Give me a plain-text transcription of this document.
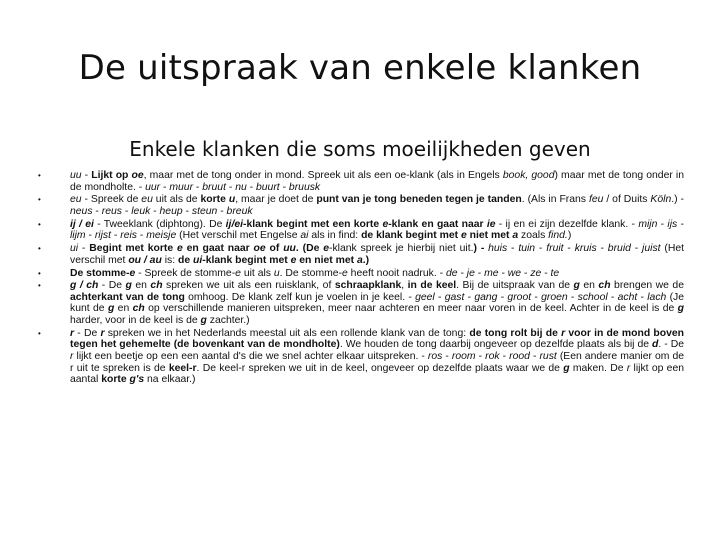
De uitspraak van enkele klanken
Enkele klanken die soms moeilijkheden geven
•	uu - Lijkt op oe, maar met de tong onder in mond. Spreek uit als een oe-klank (als in Engels book, good) maar met de tong onder in de mondholte. - uur - muur - bruut - nu - buurt - bruusk
•	eu - Spreek de eu uit als de korte u, maar je doet de punt van je tong beneden tegen je tanden. (Als in Frans feu / of Duits Köln.) - neus - reus - leuk - heup - steun - breuk
•	ij / ei - Tweeklank (diphtong). De ij/ei-klank begint met een korte e-klank en gaat naar ie - ij en ei zijn dezelfde klank. - mijn - ijs - lijm - rijst - reis - meisje (Het verschil met Engelse ai als in find: de klank begint met e niet met a zoals find.)
•	ui - Begint met korte e en gaat naar oe of uu. (De e-klank spreek je hierbij niet uit.) - huis - tuin - fruit - kruis - bruid - juist (Het verschil met ou / au is: de ui-klank begint met e en niet met a.)
•	De stomme-e - Spreek de stomme-e uit als u. De stomme-e heeft nooit nadruk. - de - je - me - we - ze - te
•	g / ch - De g en ch spreken we uit als een ruisklank, of schraapklank, in de keel. Bij de uitspraak van de g en ch brengen we de achterkant van de tong omhoog. De klank zelf kun je voelen in je keel. - geel - gast - gang - groot - groen - school - acht - lach (Je kunt de g en ch op verschillende manieren uitspreken, meer naar achteren en meer naar voren in de keel. Achter in de keel is de g harder, voor in de keel is de g zachter.)
•	r - De r spreken we in het Nederlands meestal uit als een rollende klank van de tong: de tong rolt bij de r voor in de mond boven tegen het gehemelte (de bovenkant van de mondholte). We houden de tong daarbij ongeveer op dezelfde plaats als bij de d. - De r lijkt een beetje op een een aantal d's die we snel achter elkaar uitspreken. - ros - room - rok - rood - rust (Een andere manier om de r uit te spreken is de keel-r. De keel-r spreken we uit in de keel, ongeveer op dezelfde plaats waar we de g maken. De r lijkt op een aantal korte g's na elkaar.)
